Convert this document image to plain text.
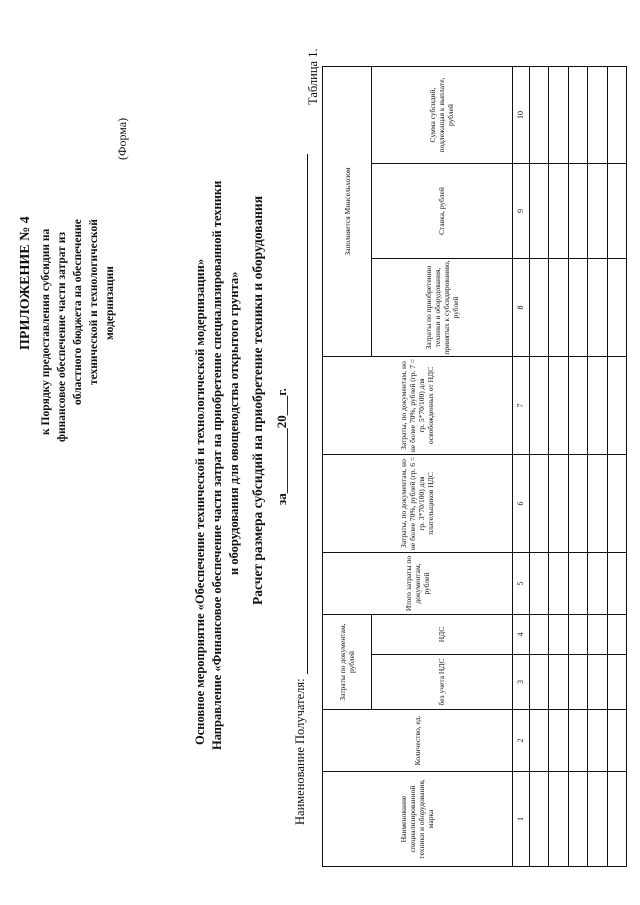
ПРИЛОЖЕНИЕ № 4 к Порядку предоставления субсидии на финансовое обеспечение части затрат из областного бюджета на обеспечение технической и технологической модернизации
(Форма)
Основное мероприятие «Обеспечение технической и технологической модернизации» Направление «Финансовое обеспечение части затрат на приобретение специализированной техники и оборудования для овощеводства открытого грунта» Расчет размера субсидий на приобретение техники и оборудования за__________20___г.
Наименование Получателя:
Таблица 1.
Наименование специализированной техники и оборудования, марка	Количество, ед.	Затраты по документам, рублей		Итого затраты по документам, рублей	Затраты, по документам, но не более 70%, рублей (гр. 6 = гр. 3*70/100) для плательщиков НДС	Затраты, по документам, но не более 70%, рублей (гр. 7 = гр. 5*70/100) для освобожденных от НДС	Заполняется Минсельхозом		
		без учета НДС	НДС				Затраты по приобретению техники и оборудования, принятых к субсидированию, рублей	Ставка, рублей	Сумма субсидий, подлежащая к выплате, рублей
1	2	3	4	5	6	7	8	9	10
